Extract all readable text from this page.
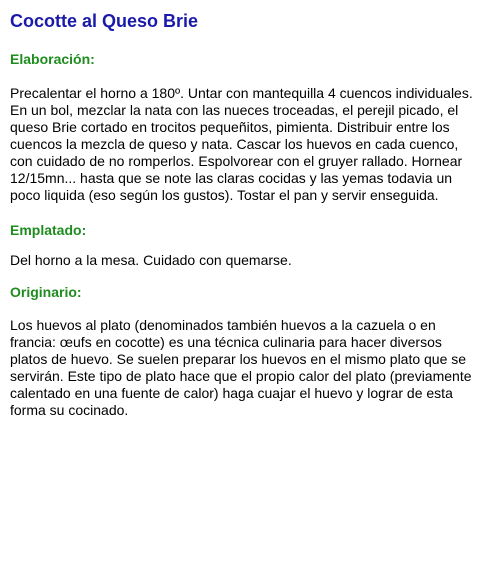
Cocotte al Queso Brie
Elaboración:

Precalentar el horno a 180º. Untar con mantequilla 4 cuencos individuales. En un bol, mezclar la nata con las nueces troceadas, el perejil picado, el queso Brie cortado en trocitos pequeñitos, pimienta. Distribuir entre los cuencos la mezcla de queso y nata. Cascar los huevos en cada cuenco, con cuidado de no romperlos. Espolvorear con el gruyer rallado. Hornear 12/15mn... hasta que se note las claras cocidas y las yemas todavia un poco liquida (eso según los gustos). Tostar el pan y servir enseguida.

Emplatado:

Del horno a la mesa. Cuidado con quemarse.

Originario:

Los huevos al plato (denominados también huevos a la cazuela o en francia: œufs en cocotte) es una técnica culinaria para hacer diversos platos de huevo. Se suelen preparar los huevos en el mismo plato que se servirán. Este tipo de plato hace que el propio calor del plato (previamente calentado en una fuente de calor) haga cuajar el huevo y lograr de esta forma su cocinado.
